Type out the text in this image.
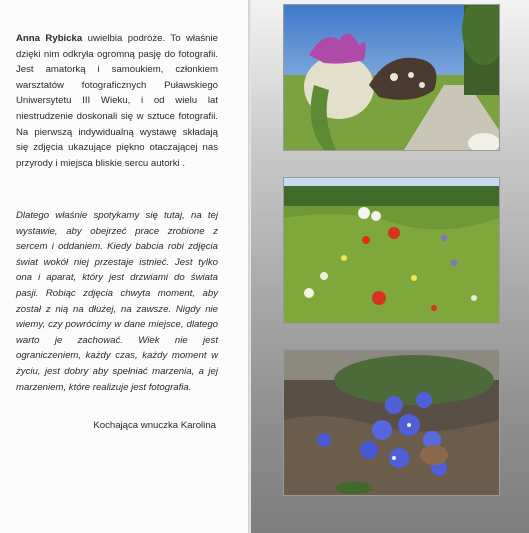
Anna Rybicka uwielbia podróże. To właśnie dzięki nim odkryła ogromną pasję do fotografii. Jest amatorką i samoukiem, członkiem warsztatów fotograficznych Puławskiego Uniwersytetu III Wieku, i od wielu lat niestrudzenie doskonali się w sztuce fotografii. Na pierwszą indywidualną wystawę składają się zdjęcia ukazujące piękno otaczającej nas przyrody i miejsca bliskie sercu autorki .

Dlatego właśnie spotykamy się tutaj, na tej wystawie, aby obejrzeć prace zrobione z sercem i oddaniem. Kiedy babcia robi zdjęcia świat wokół niej przestaje istnieć. Jest tylko ona i aparat, który jest drzwiami do świata pasji. Robiąc zdjęcia chwyta moment, aby został z nią na dłużej, na zawsze. Nigdy nie wiemy, czy powrócimy w dane miejsce, dlatego warto je zachować. Wiek nie jest ograniczeniem, każdy czas, każdy moment w życiu, jest dobry aby spełniać marzenia, a jej marzeniem, które realizuje jest fotografia.

Kochająca wnuczka Karolina
